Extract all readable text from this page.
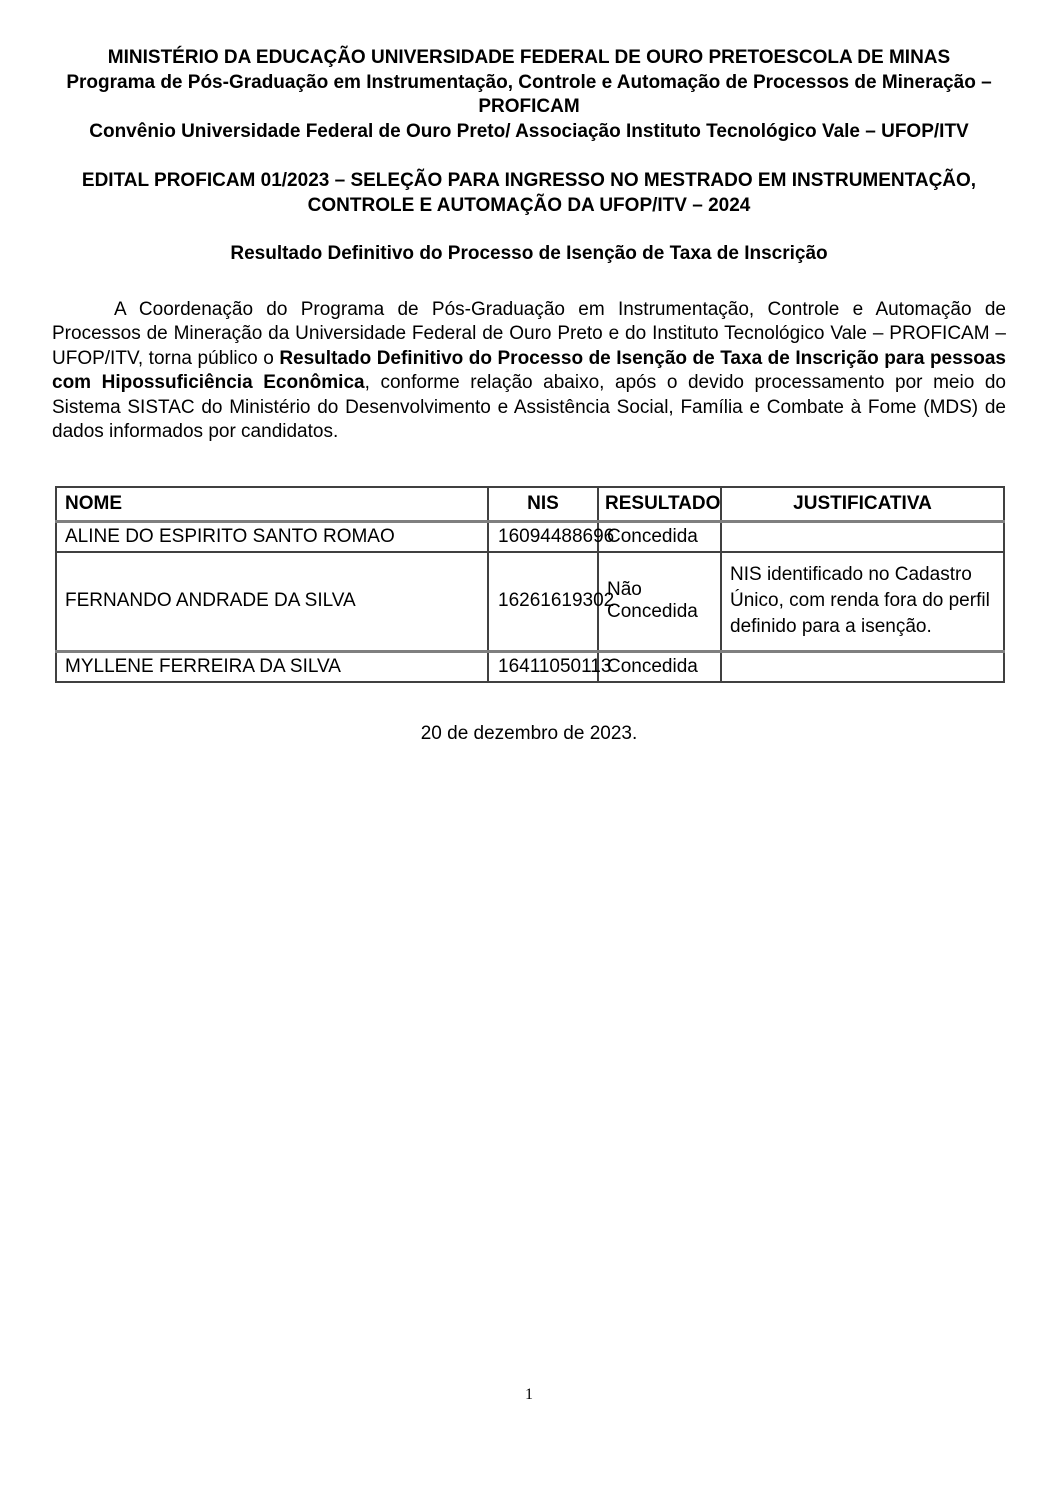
MINISTÉRIO DA EDUCAÇÃO UNIVERSIDADE FEDERAL DE OURO PRETOESCOLA DE MINAS
Programa de Pós-Graduação em Instrumentação, Controle e Automação de Processos de Mineração – PROFICAM
Convênio Universidade Federal de Ouro Preto/ Associação Instituto Tecnológico Vale – UFOP/ITV
EDITAL PROFICAM 01/2023 – SELEÇÃO PARA INGRESSO NO MESTRADO EM INSTRUMENTAÇÃO, CONTROLE E AUTOMAÇÃO DA UFOP/ITV – 2024
Resultado Definitivo do Processo de Isenção de Taxa de Inscrição

A Coordenação do Programa de Pós-Graduação em Instrumentação, Controle e Automação de Processos de Mineração da Universidade Federal de Ouro Preto e do Instituto Tecnológico Vale – PROFICAM –UFOP/ITV, torna público o Resultado Definitivo do Processo de Isenção de Taxa de Inscrição para pessoas com Hipossuficiência Econômica, conforme relação abaixo, após o devido processamento por meio do Sistema SISTAC do Ministério do Desenvolvimento e Assistência Social, Família e Combate à Fome (MDS) de dados informados por candidatos.

NOME	NIS	RESULTADO	JUSTIFICATIVA
ALINE DO ESPIRITO SANTO ROMAO	16094488696	Concedida	
FERNANDO ANDRADE DA SILVA	16261619302	Não Concedida	NIS identificado no Cadastro Único, com renda fora do perfil definido para a isenção.
MYLLENE FERREIRA DA SILVA	16411050113	Concedida	
20 de dezembro de 2023.
1
